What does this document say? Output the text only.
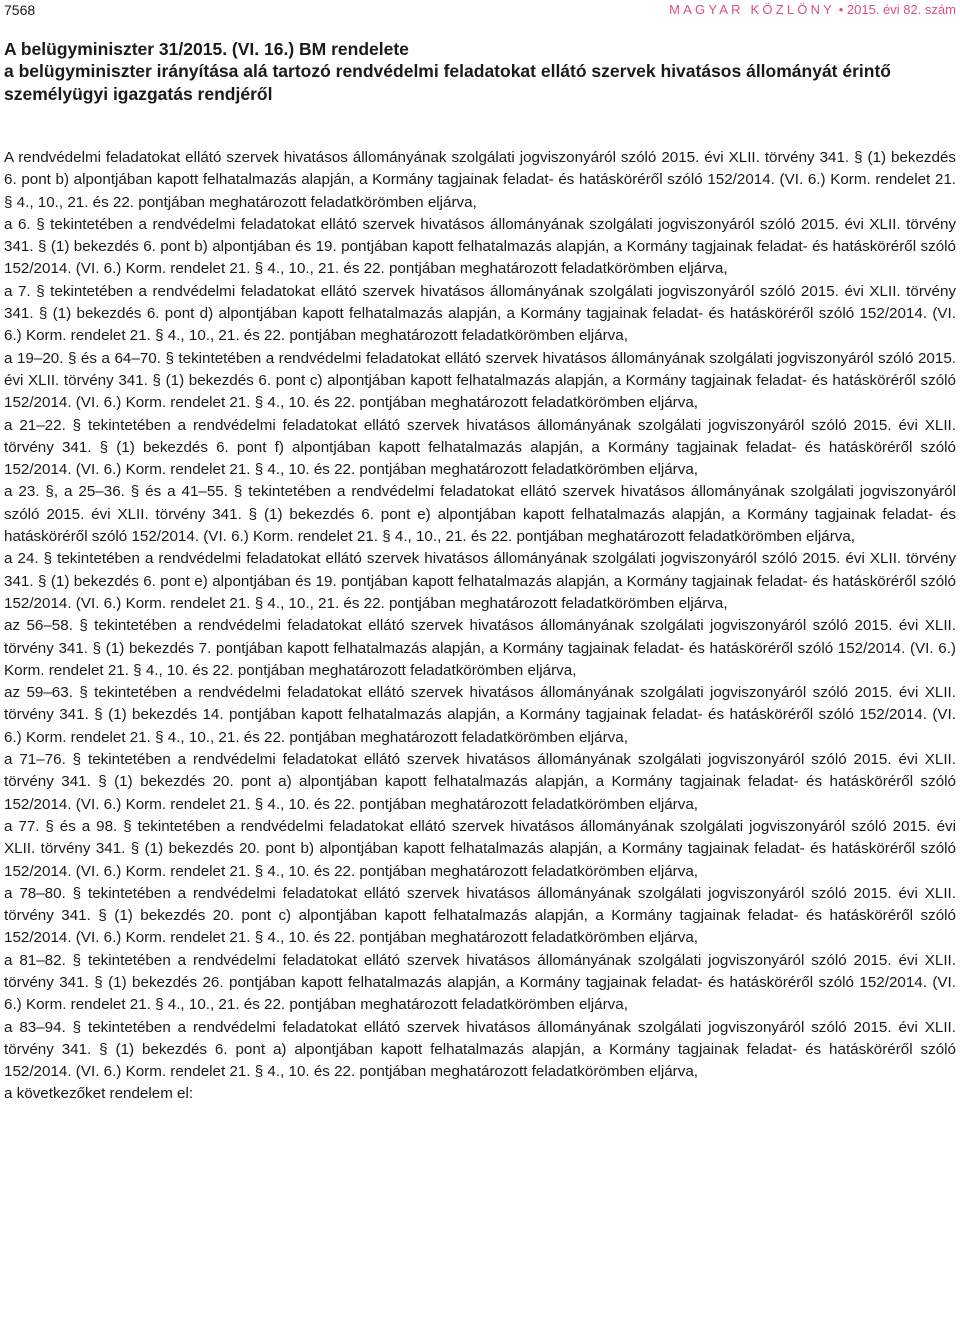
7568	MAGYAR KÖZLÖNY • 2015. évi 82. szám
A belügyminiszter 31/2015. (VI. 16.) BM rendelete
a belügyminiszter irányítása alá tartozó rendvédelmi feladatokat ellátó szervek hivatásos állományát érintő
személyügyi igazgatás rendjéről

A rendvédelmi feladatokat ellátó szervek hivatásos állományának szolgálati jogviszonyáról szóló 2015. évi XLII. törvény 341. § (1) bekezdés 6. pont b) alpontjában kapott felhatalmazás alapján, a Kormány tagjainak feladat- és hatásköréről szóló 152/2014. (VI. 6.) Korm. rendelet 21. § 4., 10., 21. és 22. pontjában meghatározott feladatkörömben eljárva,

a 6. § tekintetében a rendvédelmi feladatokat ellátó szervek hivatásos állományának szolgálati jogviszonyáról szóló 2015. évi XLII. törvény 341. § (1) bekezdés 6. pont b) alpontjában és 19. pontjában kapott felhatalmazás alapján, a Kormány tagjainak feladat- és hatásköréről szóló 152/2014. (VI. 6.) Korm. rendelet 21. § 4., 10., 21. és 22. pontjában meghatározott feladatkörömben eljárva,

a 7. § tekintetében a rendvédelmi feladatokat ellátó szervek hivatásos állományának szolgálati jogviszonyáról szóló 2015. évi XLII. törvény 341. § (1) bekezdés 6. pont d) alpontjában kapott felhatalmazás alapján, a Kormány tagjainak feladat- és hatásköréről szóló 152/2014. (VI. 6.) Korm. rendelet 21. § 4., 10., 21. és 22. pontjában meghatározott feladatkörömben eljárva,

a 19–20. § és a 64–70. § tekintetében a rendvédelmi feladatokat ellátó szervek hivatásos állományának szolgálati jogviszonyáról szóló 2015. évi XLII. törvény 341. § (1) bekezdés 6. pont c) alpontjában kapott felhatalmazás alapján, a Kormány tagjainak feladat- és hatásköréről szóló 152/2014. (VI. 6.) Korm. rendelet 21. § 4., 10. és 22. pontjában meghatározott feladatkörömben eljárva,

a 21–22. § tekintetében a rendvédelmi feladatokat ellátó szervek hivatásos állományának szolgálati jogviszonyáról szóló 2015. évi XLII. törvény 341. § (1) bekezdés 6. pont f) alpontjában kapott felhatalmazás alapján, a Kormány tagjainak feladat- és hatásköréről szóló 152/2014. (VI. 6.) Korm. rendelet 21. § 4., 10. és 22. pontjában meghatározott feladatkörömben eljárva,

a 23. §, a 25–36. § és a 41–55. § tekintetében a rendvédelmi feladatokat ellátó szervek hivatásos állományának szolgálati jogviszonyáról szóló 2015. évi XLII. törvény 341. § (1) bekezdés 6. pont e) alpontjában kapott felhatalmazás alapján, a Kormány tagjainak feladat- és hatásköréről szóló 152/2014. (VI. 6.) Korm. rendelet 21. § 4., 10., 21. és 22. pontjában meghatározott feladatkörömben eljárva,

a 24. § tekintetében a rendvédelmi feladatokat ellátó szervek hivatásos állományának szolgálati jogviszonyáról szóló 2015. évi XLII. törvény 341. § (1) bekezdés 6. pont e) alpontjában és 19. pontjában kapott felhatalmazás alapján, a Kormány tagjainak feladat- és hatásköréről szóló 152/2014. (VI. 6.) Korm. rendelet 21. § 4., 10., 21. és 22. pontjában meghatározott feladatkörömben eljárva,

az 56–58. § tekintetében a rendvédelmi feladatokat ellátó szervek hivatásos állományának szolgálati jogviszonyáról szóló 2015. évi XLII. törvény 341. § (1) bekezdés 7. pontjában kapott felhatalmazás alapján, a Kormány tagjainak feladat- és hatásköréről szóló 152/2014. (VI. 6.) Korm. rendelet 21. § 4., 10. és 22. pontjában meghatározott feladatkörömben eljárva,

az 59–63. § tekintetében a rendvédelmi feladatokat ellátó szervek hivatásos állományának szolgálati jogviszonyáról szóló 2015. évi XLII. törvény 341. § (1) bekezdés 14. pontjában kapott felhatalmazás alapján, a Kormány tagjainak feladat- és hatásköréről szóló 152/2014. (VI. 6.) Korm. rendelet 21. § 4., 10., 21. és 22. pontjában meghatározott feladatkörömben eljárva,

a 71–76. § tekintetében a rendvédelmi feladatokat ellátó szervek hivatásos állományának szolgálati jogviszonyáról szóló 2015. évi XLII. törvény 341. § (1) bekezdés 20. pont a) alpontjában kapott felhatalmazás alapján, a Kormány tagjainak feladat- és hatásköréről szóló 152/2014. (VI. 6.) Korm. rendelet 21. § 4., 10. és 22. pontjában meghatározott feladatkörömben eljárva,

a 77. § és a 98. § tekintetében a rendvédelmi feladatokat ellátó szervek hivatásos állományának szolgálati jogviszonyáról szóló 2015. évi XLII. törvény 341. § (1) bekezdés 20. pont b) alpontjában kapott felhatalmazás alapján, a Kormány tagjainak feladat- és hatásköréről szóló 152/2014. (VI. 6.) Korm. rendelet 21. § 4., 10. és 22. pontjában meghatározott feladatkörömben eljárva,

a 78–80. § tekintetében a rendvédelmi feladatokat ellátó szervek hivatásos állományának szolgálati jogviszonyáról szóló 2015. évi XLII. törvény 341. § (1) bekezdés 20. pont c) alpontjában kapott felhatalmazás alapján, a Kormány tagjainak feladat- és hatásköréről szóló 152/2014. (VI. 6.) Korm. rendelet 21. § 4., 10. és 22. pontjában meghatározott feladatkörömben eljárva,

a 81–82. § tekintetében a rendvédelmi feladatokat ellátó szervek hivatásos állományának szolgálati jogviszonyáról szóló 2015. évi XLII. törvény 341. § (1) bekezdés 26. pontjában kapott felhatalmazás alapján, a Kormány tagjainak feladat- és hatásköréről szóló 152/2014. (VI. 6.) Korm. rendelet 21. § 4., 10., 21. és 22. pontjában meghatározott feladatkörömben eljárva,

a 83–94. § tekintetében a rendvédelmi feladatokat ellátó szervek hivatásos állományának szolgálati jogviszonyáról szóló 2015. évi XLII. törvény 341. § (1) bekezdés 6. pont a) alpontjában kapott felhatalmazás alapján, a Kormány tagjainak feladat- és hatásköréről szóló 152/2014. (VI. 6.) Korm. rendelet 21. § 4., 10. és 22. pontjában meghatározott feladatkörömben eljárva,

a következőket rendelem el:
